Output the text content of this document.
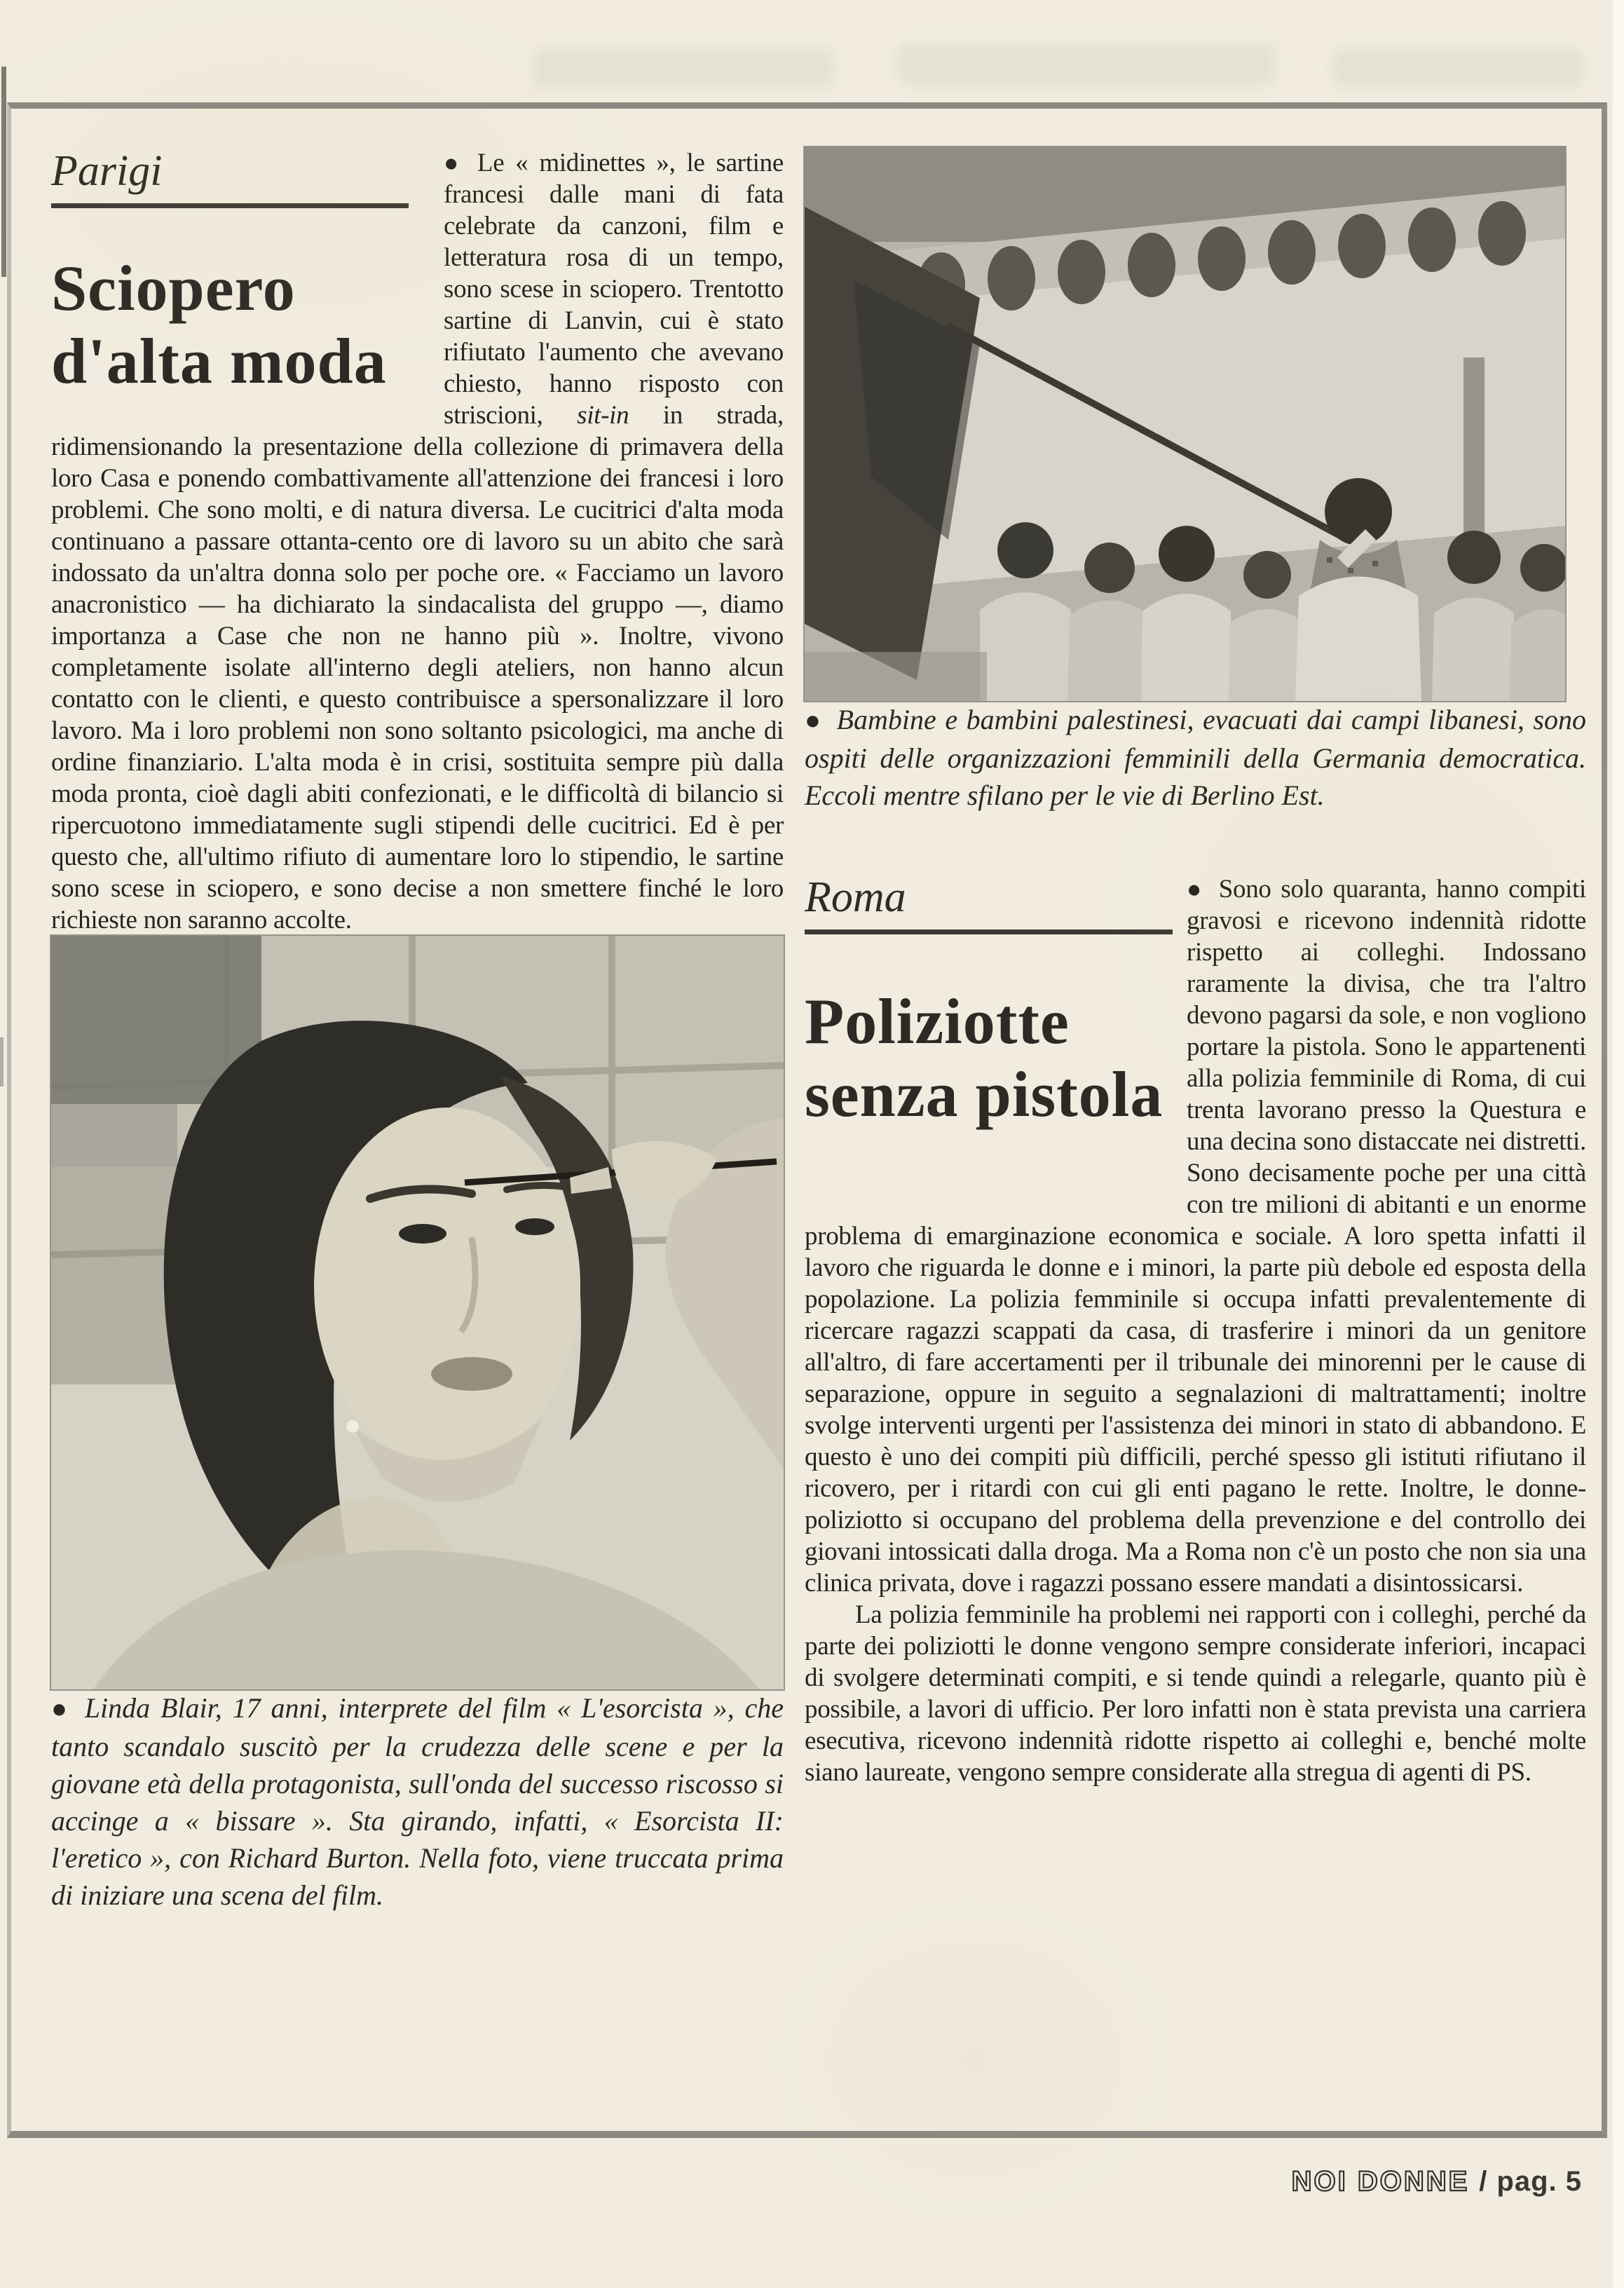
Parigi
Sciopero
d'alta moda

● Le « midinettes », le sartine francesi dalle mani di fata celebrate da canzoni, film e letteratura rosa di un tempo, sono scese in sciopero. Trentotto sartine di Lanvin, cui è stato rifiutato l'aumento che avevano chiesto, hanno risposto con striscioni, sit-in in strada, ridimensionando la presentazione della collezione di primavera della loro Casa e ponendo combattivamente all'attenzione dei francesi i loro problemi. Che sono molti, e di natura diversa. Le cucitrici d'alta moda continuano a passare ottanta-cento ore di lavoro su un abito che sarà indossato da un'altra donna solo per poche ore. « Facciamo un lavoro anacronistico — ha dichiarato la sindacalista del gruppo —, diamo importanza a Case che non ne hanno più ». Inoltre, vivono completamente isolate all'interno degli ateliers, non hanno alcun contatto con le clienti, e questo contribuisce a spersonalizzare il loro lavoro. Ma i loro problemi non sono soltanto psicologici, ma anche di ordine finanziario. L'alta moda è in crisi, sostituita sempre più dalla moda pronta, cioè dagli abiti confezionati, e le difficoltà di bilancio si ripercuotono immediatamente sugli stipendi delle cucitrici. Ed è per questo che, all'ultimo rifiuto di aumentare loro lo stipendio, le sartine sono scese in sciopero, e sono decise a non smettere finché le loro richieste non saranno accolte.

● Linda Blair, 17 anni, interprete del film « L'esorcista », che tanto scandalo suscitò per la crudezza delle scene e per la giovane età della protagonista, sull'onda del successo riscosso si accinge a « bissare ». Sta girando, infatti, « Esorcista II: l'eretico », con Richard Burton. Nella foto, viene truccata prima di iniziare una scena del film.

● Bambine e bambini palestinesi, evacuati dai campi libanesi, sono ospiti delle organizzazioni femminili della Germania democratica. Eccoli mentre sfilano per le vie di Berlino Est.

Roma
Poliziotte
senza pistola

● Sono solo quaranta, hanno compiti gravosi e ricevono indennità ridotte rispetto ai colleghi. Indossano raramente la divisa, che tra l'altro devono pagarsi da sole, e non vogliono portare la pistola. Sono le appartenenti alla polizia femminile di Roma, di cui trenta lavorano presso la Questura e una decina sono distaccate nei distretti. Sono decisamente poche per una città con tre milioni di abitanti e un enorme problema di emarginazione economica e sociale. A loro spetta infatti il lavoro che riguarda le donne e i minori, la parte più debole ed esposta della popolazione. La polizia femminile si occupa infatti prevalentemente di ricercare ragazzi scappati da casa, di trasferire i minori da un genitore all'altro, di fare accertamenti per il tribunale dei minorenni per le cause di separazione, oppure in seguito a segnalazioni di maltrattamenti; inoltre svolge interventi urgenti per l'assistenza dei minori in stato di abbandono. E questo è uno dei compiti più difficili, perché spesso gli istituti rifiutano il ricovero, per i ritardi con cui gli enti pagano le rette. Inoltre, le donne-poliziotto si occupano del problema della prevenzione e del controllo dei giovani intossicati dalla droga. Ma a Roma non c'è un posto che non sia una clinica privata, dove i ragazzi possano essere mandati a disintossicarsi.

La polizia femminile ha problemi nei rapporti con i colleghi, perché da parte dei poliziotti le donne vengono sempre considerate inferiori, incapaci di svolgere determinati compiti, e si tende quindi a relegarle, quanto più è possibile, a lavori di ufficio. Per loro infatti non è stata prevista una carriera esecutiva, ricevono indennità ridotte rispetto ai colleghi e, benché molte siano laureate, vengono sempre considerate alla stregua di agenti di PS.

NOI DONNE / pag. 5
